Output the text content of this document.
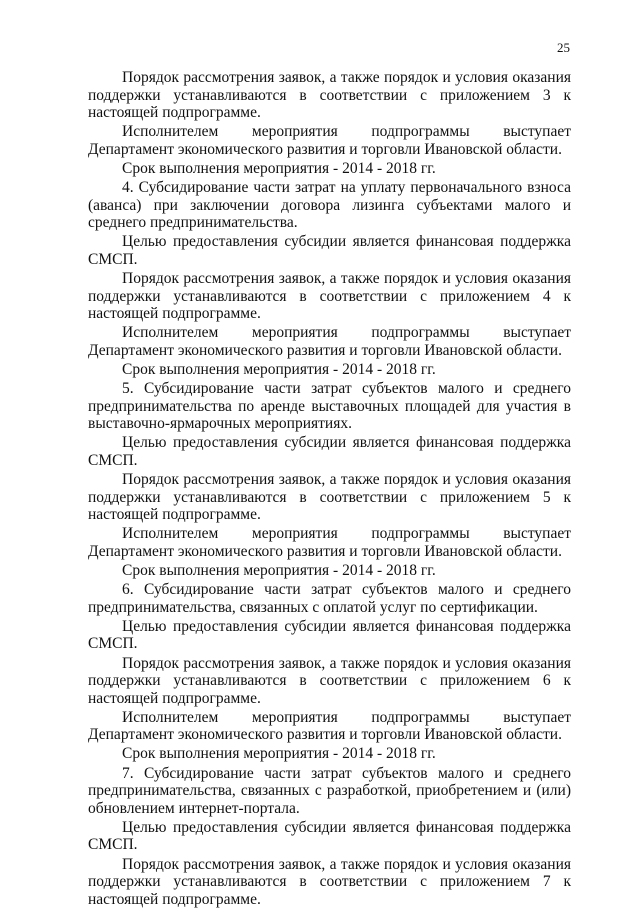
25

Порядок рассмотрения заявок, а также порядок и условия оказания поддержки устанавливаются в соответствии с приложением 3 к настоящей подпрограмме.

Исполнителем мероприятия подпрограммы выступает Департамент экономического развития и торговли Ивановской области.

Срок выполнения мероприятия - 2014 - 2018 гг.

4. Субсидирование части затрат на уплату первоначального взноса (аванса) при заключении договора лизинга субъектами малого и среднего предпринимательства.

Целью предоставления субсидии является финансовая поддержка СМСП.

Порядок рассмотрения заявок, а также порядок и условия оказания поддержки устанавливаются в соответствии с приложением 4 к настоящей подпрограмме.

Исполнителем мероприятия подпрограммы выступает Департамент экономического развития и торговли Ивановской области.

Срок выполнения мероприятия - 2014 - 2018 гг.

5. Субсидирование части затрат субъектов малого и среднего предпринимательства по аренде выставочных площадей для участия в выставочно-ярмарочных мероприятиях.

Целью предоставления субсидии является финансовая поддержка СМСП.

Порядок рассмотрения заявок, а также порядок и условия оказания поддержки устанавливаются в соответствии с приложением 5 к настоящей подпрограмме.

Исполнителем мероприятия подпрограммы выступает Департамент экономического развития и торговли Ивановской области.

Срок выполнения мероприятия - 2014 - 2018 гг.

6. Субсидирование части затрат субъектов малого и среднего предпринимательства, связанных с оплатой услуг по сертификации.

Целью предоставления субсидии является финансовая поддержка СМСП.

Порядок рассмотрения заявок, а также порядок и условия оказания поддержки устанавливаются в соответствии с приложением 6 к настоящей подпрограмме.

Исполнителем мероприятия подпрограммы выступает Департамент экономического развития и торговли Ивановской области.

Срок выполнения мероприятия - 2014 - 2018 гг.

7. Субсидирование части затрат субъектов малого и среднего предпринимательства, связанных с разработкой, приобретением и (или) обновлением интернет-портала.

Целью предоставления субсидии является финансовая поддержка СМСП.

Порядок рассмотрения заявок, а также порядок и условия оказания поддержки устанавливаются в соответствии с приложением 7 к настоящей подпрограмме.
